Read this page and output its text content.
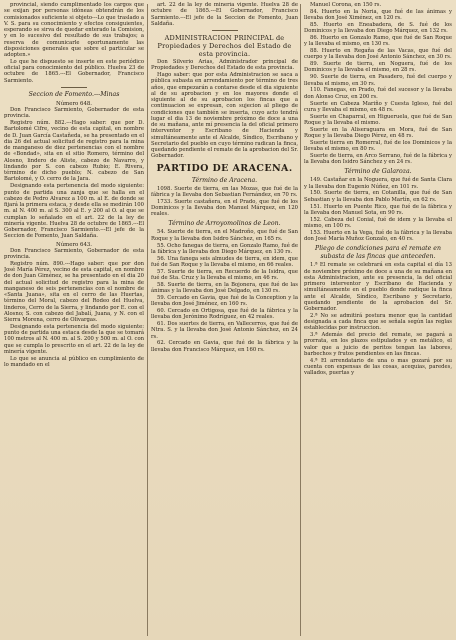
provincial, siendo cumplimentado los cargos que se exijan por personas idóneas obtendrán de los comisionados suficiente si objeto---Lo que traslado a V. S. para su conocimiento y efectos consiguientes, esperando se sirva de quedar enterado la Comision, y en lo sucesivo del resultado de sus trabajos; a reserva de comunicarle oportunamente las disposiciones generales que sobre el particular se adopten.»

Lo que he dispuesto se inserte en este periódico oficial para conocimiento del público. Huelva 23 de octubre de 1865.---El Gobernador, Francisco Sarmiento.

Seccion de Fomento.---Minas
Número 648.

Don Francisco Sarmiento, Gobernador de esta provincia.

Registro núm. 882.---Hago saber: que por D. Bartolomé Cifre, vecino de esta capital, en nombre de D. Juan García Castañeda, se ha presentado en el dia 26 del actual solicitud de registro para la mina de manganeso de diez pertenencias con el nombre de «Bondad», sita en el sitio Romero, término del Alosno, lindero de Aliste, cabezo de Navarro, y lindando por S. con cabezo Rubio; E. Rivera, término de dicho pueblo; N. cabezo de San Bartolomé, y O. cerro de la Jara.

Designando esta pertenencia del modo siguiente: punto de partida una zanja que se halla en el cabezo de Pedro Alvarez a 100 m. al E. de donde se fijará la primera estaca, y desde ella se medirán 100 m. al N. 400 m. al S. 300 al E. y 200 al O. al que se cumplan lo señalado en el art. 22 de la ley de minería vigente. Huelva 28 de octubre de 1865.---El Gobernador, Francisco Sarmiento.---El jefe de la Seccion de Fomento, Juan Saldaña.

Número 643.

Don Francisco Sarmiento, Gobernador de esta provincia.

Registro núm. 890.---Hago saber: que por don José María Pérez, vecino de esta capital, en nombre de don Juan Giménez, se ha presentado en el dia 20 del actual solicitud de registro para la mina de manganeso de seis pertenencias con el nombre de «Santa Juana», sita en el cerro de las Huertas, término del Moral, cabezo del Rodeo del Huelva, linderos, Cerro de la Sierra, y lindando por E. con el Alosno; S. con cabezo del Jabalí, Juana, y N. con el Sierra Morena, cerro de Olivargas.

Designando esta pertenencia del modo siguiente: punto de partida una estaca desde la que se tomará 100 metros al N. 400 m. al S. 200 y 500 m. al O. con que se cumpla lo prescrito en el art. 22 de la ley de minería vigente.

Lo que se anuncia al público en cumplimiento de lo mandado en el

art. 22 de la ley de minería vigente. Huelva 28 de octubre de 1865.---El Gobernador, Francisco Sarmiento.---El jefe de la Seccion de Fomento, Juan Saldaña.

ADMINISTRACION PRINCIPAL de Propiedades y Derechos del Estado de esta provincia.

Don Silverio Arias, Administrador principal de Propiedades y Derechos del Estado de esta provincia.

Hago saber: que por esta Administracion se saca a pública subasta en arrendamiento por término de tres años, que empezarán a contarse desde el dia siguiente al de su aprobacion y en los mayores donde el siguiente al de su aprobacion los fincas que a continuacion se expresan, con sujecion al pliego de condiciones que también se inserta, cuyo acto tendrá lugar el dia 13 de noviembre próximo de doce a una de su mañana, ante mí presencia la del oficial primero interventor y Escribano de Hacienda y simultáneamente ante el Alcalde, Síndico, Escribano y Secretario del pueblo en cuyo término radican la finca, quedando pendiente el remate de la aprobacion del Sr. Gobernador.

PARTIDO DE ARACENA.
Término de Aracena.

1098. Suerte de tierra, en las Mozas, que fué de la fábrica y la llevaba don Sebastian Fernández, en 70 rs.

1733. Suerte castañera, en el Prado, que fué de los Dominicos y la llevaba don Manuel Márquez, en 120 reales.

Término de Arroyomolinos de Leon.

54. Suerte de tierra, en el Madroño, que fué de San Roque y la llevaba don Isidro Sánchez, en 165 rs.

55. Ocho fanegas de tierra, en Gonzalo Ramo, fué de la fábrica y la llevaba don Diego Márquez, en 130 rs.

56. Una fanega seis almudes de tierra, en idem, que fué de San Roque y la llevaba el mismo, en 66 reales.

57. Suerte de tierra, en Recuerdo de la Isidra, que fué de Sta. Cruz y la llevaba el mismo, en 46 rs.

58. Suerte de tierra, en la Bojonera, que fué de las ánimas y la llevaba don José Delgado, en 130 rs.

59. Cercado en Gavia, que fué de la Conception y la llevaba don José Jiménez, en 160 rs.

60. Cercado en Ortigosa, que fué de la fábrica y la llevaba don Jerónimo Rodríguez, en 42 reales.

61. Dos suertes de tierra, en Vallecerros, que fué de Ntra. S. y la llevaba don José Antonio Sánchez, en 24 rs.

62. Cercado en Gavia, que fué de la fábrica y la llevaba don Francisco Márquez, en 160 rs.

Manuel Corona, en 150 rs.

84. Huerto en la Noria, que fué de las ánimas y llevaba don José Ximénez, en 120 rs.

85. Huerto en Eneabadera, de S. fué de los Dominicos y la llevaba don Diego Márquez, en 132 rs.

86. Huerto en Gonzalo Ramo, que fué de San Roque y la llevaba el mismo, en 130 rs.

88. Huerto en Regaña de las Vacas, que fué del cuerpo y la llevaba don José Antonio Sánchez, en 30 rs.

89. Suerte de tierra, en Noguera, fué de los Dominicos y la llevaba el mismo, en 28 rs.

90. Suerte de tierra, en Pasadero, fué del cuerpo y llevaba el mismo, en 30 rs.

110. Fanegas, en Prado, fué del sucesor y la llevaba don Alonso Cruz, en 200 rs.

Suerte en Cabeza Mariño y Cuesta Igleso, fué del cura y llevaba el mismo, en 48 rs.

Suerte en Chaparral, en Higueruela, que fué de San Roque y la llevaba el mismo.

Suerte en la Aliseraguara en Mora, fué de San Roque y la llevaba Diego Pérez, en 48 rs.

Suerte tierra en Romerral, fué de los Dominicos y la llevaba el mismo, en 80 rs.

Suerte de tierra, en Arco Serrano, fué de la fábrica y la llevaba don Isidro Sánchez y en 24 rs.

Término de Galaroza.

149. Castañar en la Noguera, que fué de Santa Clara y la llevaba don Eugenio Núñez, en 101 rs.

150. Suerte de tierra, en Cotanilla, que fué de San Sebastian y la llevaba don Pablo Martín, en 62 rs.

151. Huerto en Puente Rico, que fué de la fábrica y la llevaba don Manuel Sota, en 90 rs.

152. Cabeza del Conial, fué de idem y la llevaba el mismo, en 100 rs.

153. Huerto en la Vega, fué de la fábrica y la llevaba don José María Muñoz Gonzalo, en 40 rs.

Pliego de condiciones para el remate en subasta de las fincas que anteceden.

1.ª El remate se celebrará en esta capital el día 13 de noviembre próximo de doce a una de su mañana en esta Administracion, ante su presencia, la del oficial primero interventor y Escribano de Hacienda y simultáneamente en el pueblo donde radique la finca ante el Alcalde, Síndico, Escribano y Secretario, quedando pendiente de la aprobacion del Sr. Gobernador.

2.ª No se admitirá postura menor que la cantidad designada a cada finca que se señala según las reglas establecidas por instruccion.

3.ª Además del precio del remate, se pagará a prorrata, en los plazos estipulados y en metálico, el valor que a juicio de peritos tengan las labores, barbechos y frutos pendientes en las fincas.

4.ª El arrendatario de una o mas gozará por su cuenta con expensas de las cosas, acequias, paredes, vallados, puertas y
